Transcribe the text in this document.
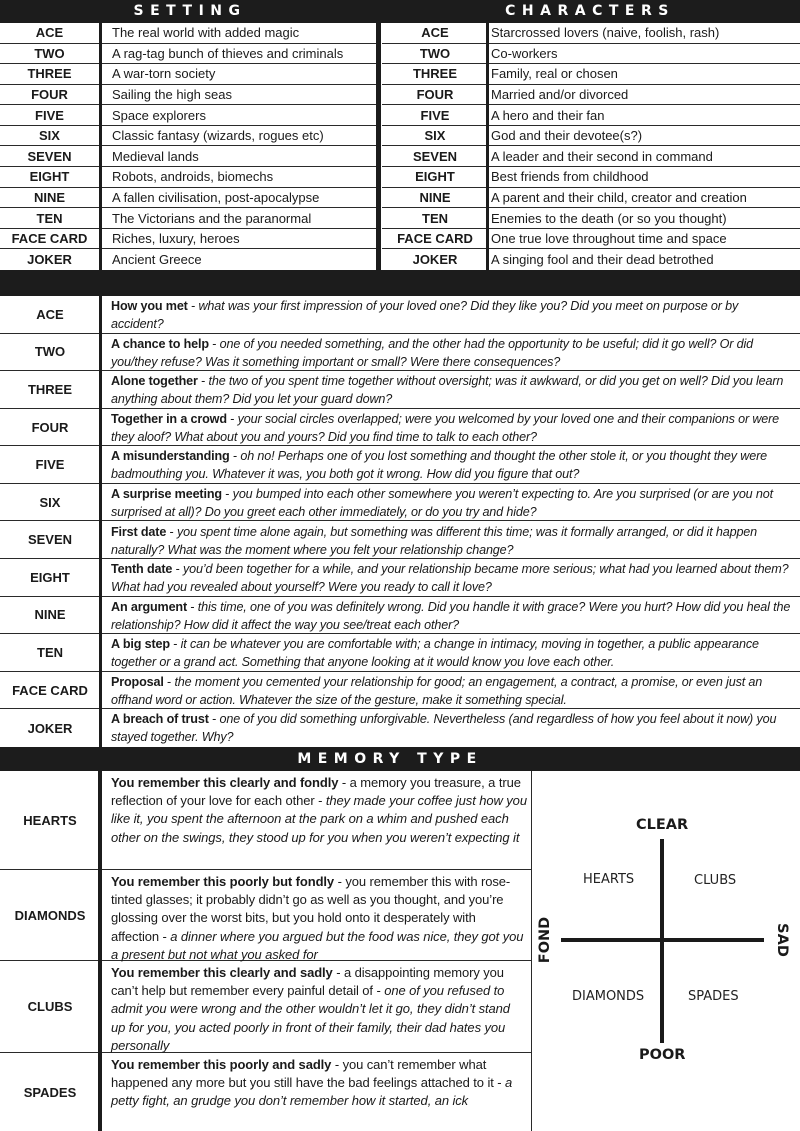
SETTING	CHARACTERS
ACE	The real world with added magic
TWO	A rag-tag bunch of thieves and criminals
THREE	A war-torn society
FOUR	Sailing the high seas
FIVE	Space explorers
SIX	Classic fantasy (wizards, rogues etc)
SEVEN	Medieval lands
EIGHT	Robots, androids, biomechs
NINE	A fallen civilisation, post-apocalypse
TEN	The Victorians and the paranormal
FACE CARD	Riches, luxury, heroes
JOKER	Ancient Greece
ACE	Starcrossed lovers (naive, foolish, rash)
TWO	Co-workers
THREE	Family, real or chosen
FOUR	Married and/or divorced
FIVE	A hero and their fan
SIX	God and their devotee(s?)
SEVEN	A leader and their second in command
EIGHT	Best friends from childhood
NINE	A parent and their child, creator and creation
TEN	Enemies to the death (or so you thought)
FACE CARD	One true love throughout time and space
JOKER	A singing fool and their dead betrothed
ACE
How you met - what was your first impression of your loved one? Did they like you? Did you meet on purpose or by accident?
TWO
A chance to help - one of you needed something, and the other had the opportunity to be useful; did it go well? Or did you/they refuse? Was it something important or small? Were there consequences?
THREE
Alone together - the two of you spent time together without oversight; was it awkward, or did you get on well? Did you learn anything about them? Did you let your guard down?
FOUR
Together in a crowd - your social circles overlapped; were you welcomed by your loved one and their companions or were they aloof? What about you and yours? Did you find time to talk to each other?
FIVE
A misunderstanding - oh no! Perhaps one of you lost something and thought the other stole it, or you thought they were badmouthing you. Whatever it was, you both got it wrong. How did you figure that out?
SIX
A surprise meeting - you bumped into each other somewhere you weren’t expecting to. Are you surprised (or are you not surprised at all)? Do you greet each other immediately, or do you try and hide?
SEVEN
First date - you spent time alone again, but something was different this time; was it formally arranged, or did it happen naturally? What was the moment where you felt your relationship change?
EIGHT
Tenth date - you’d been together for a while, and your relationship became more serious; what had you learned about them? What had you revealed about yourself? Were you ready to call it love?
NINE
An argument - this time, one of you was definitely wrong. Did you handle it with grace? Were you hurt? How did you heal the relationship? How did it affect the way you see/treat each other?
TEN
A big step - it can be whatever you are comfortable with; a change in intimacy, moving in together, a public appearance together or a grand act. Something that anyone looking at it would know you love each other.
FACE CARD
Proposal - the moment you cemented your relationship for good; an engagement, a contract, a promise, or even just an offhand word or action. Whatever the size of the gesture, make it something special.
JOKER
A breach of trust - one of you did something unforgivable. Nevertheless (and regardless of how you feel about it now) you stayed together. Why?
MEMORY TYPE
HEARTS
You remember this clearly and fondly - a memory you treasure, a true reflection of your love for each other - they made your coffee just how you like it, you spent the afternoon at the park on a whim and pushed each other on the swings, they stood up for you when you weren’t expecting it
DIAMONDS
You remember this poorly but fondly - you remember this with rose-tinted glasses; it probably didn’t go as well as you thought, and you’re glossing over the worst bits, but you hold onto it desperately with affection - a dinner where you argued but the food was nice, they got you a present but not what you asked for
CLUBS
You remember this clearly and sadly - a disappointing memory you can’t help but remember every painful detail of - one of you refused to admit you were wrong and the other wouldn’t let it go, they didn’t stand up for you, you acted poorly in front of their family, their dad hates you personally
SPADES
You remember this poorly and sadly - you can’t remember what happened any more but you still have the bad feelings attached to it - a petty fight, an grudge you don’t remember how it started, an ick
CLEAR
POOR
FOND	SAD
HEARTS	CLUBS
DIAMONDS	SPADES
